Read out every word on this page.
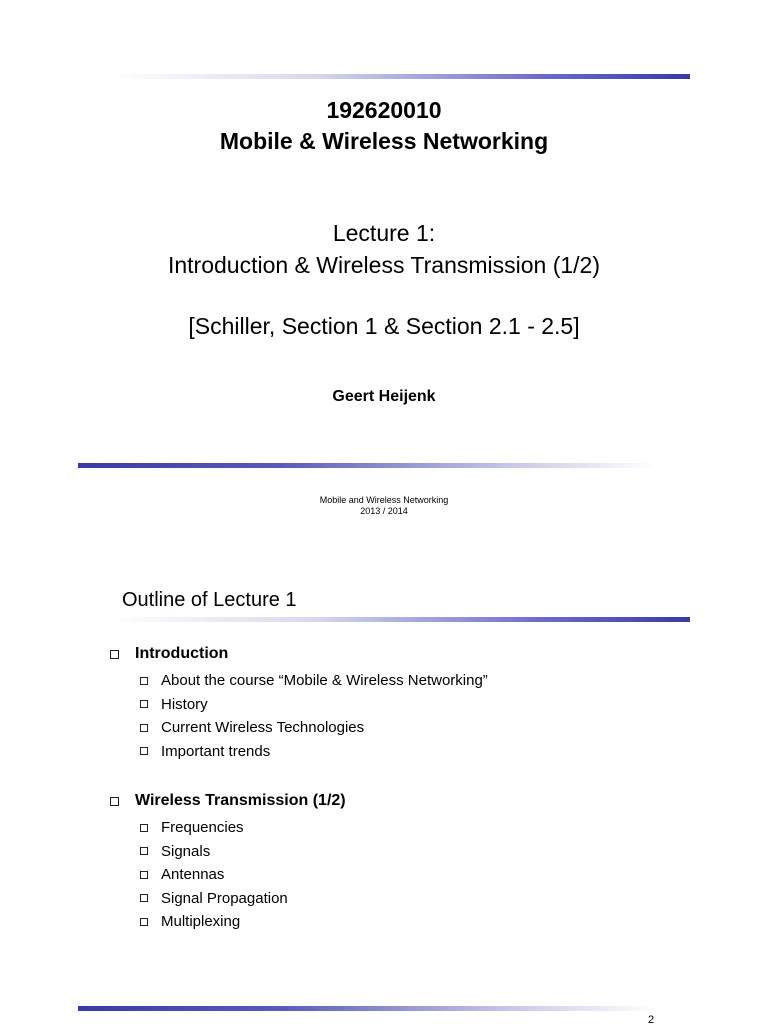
192620010
Mobile & Wireless Networking
Lecture 1:
Introduction & Wireless Transmission (1/2)
[Schiller, Section 1 & Section 2.1 - 2.5]
Geert Heijenk
Mobile and Wireless Networking
2013 / 2014
Outline of Lecture 1
Introduction
About the course “Mobile & Wireless Networking”
History
Current Wireless Technologies
Important trends
Wireless Transmission (1/2)
Frequencies
Signals
Antennas
Signal Propagation
Multiplexing
2
